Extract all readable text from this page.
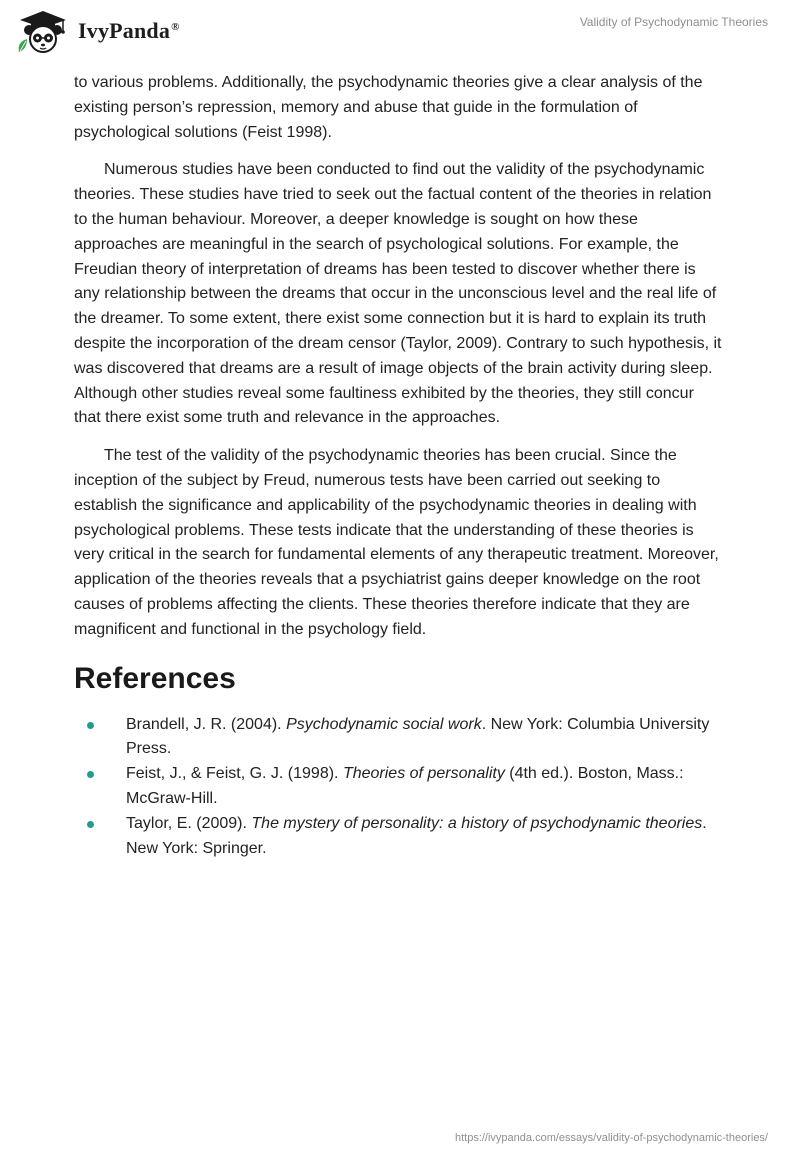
IvyPanda®	Validity of Psychodynamic Theories

to various problems. Additionally, the psychodynamic theories give a clear analysis of the existing person’s repression, memory and abuse that guide in the formulation of psychological solutions (Feist 1998).

Numerous studies have been conducted to find out the validity of the psychodynamic theories. These studies have tried to seek out the factual content of the theories in relation to the human behaviour. Moreover, a deeper knowledge is sought on how these approaches are meaningful in the search of psychological solutions. For example, the Freudian theory of interpretation of dreams has been tested to discover whether there is any relationship between the dreams that occur in the unconscious level and the real life of the dreamer. To some extent, there exist some connection but it is hard to explain its truth despite the incorporation of the dream censor (Taylor, 2009). Contrary to such hypothesis, it was discovered that dreams are a result of image objects of the brain activity during sleep. Although other studies reveal some faultiness exhibited by the theories, they still concur that there exist some truth and relevance in the approaches.

The test of the validity of the psychodynamic theories has been crucial. Since the inception of the subject by Freud, numerous tests have been carried out seeking to establish the significance and applicability of the psychodynamic theories in dealing with psychological problems. These tests indicate that the understanding of these theories is very critical in the search for fundamental elements of any therapeutic treatment. Moreover, application of the theories reveals that a psychiatrist gains deeper knowledge on the root causes of problems affecting the clients. These theories therefore indicate that they are magnificent and functional in the psychology field.

References
Brandell, J. R. (2004). Psychodynamic social work. New York: Columbia University Press.
Feist, J., & Feist, G. J. (1998). Theories of personality (4th ed.). Boston, Mass.: McGraw-Hill.
Taylor, E. (2009). The mystery of personality: a history of psychodynamic theories. New York: Springer.
https://ivypanda.com/essays/validity-of-psychodynamic-theories/
